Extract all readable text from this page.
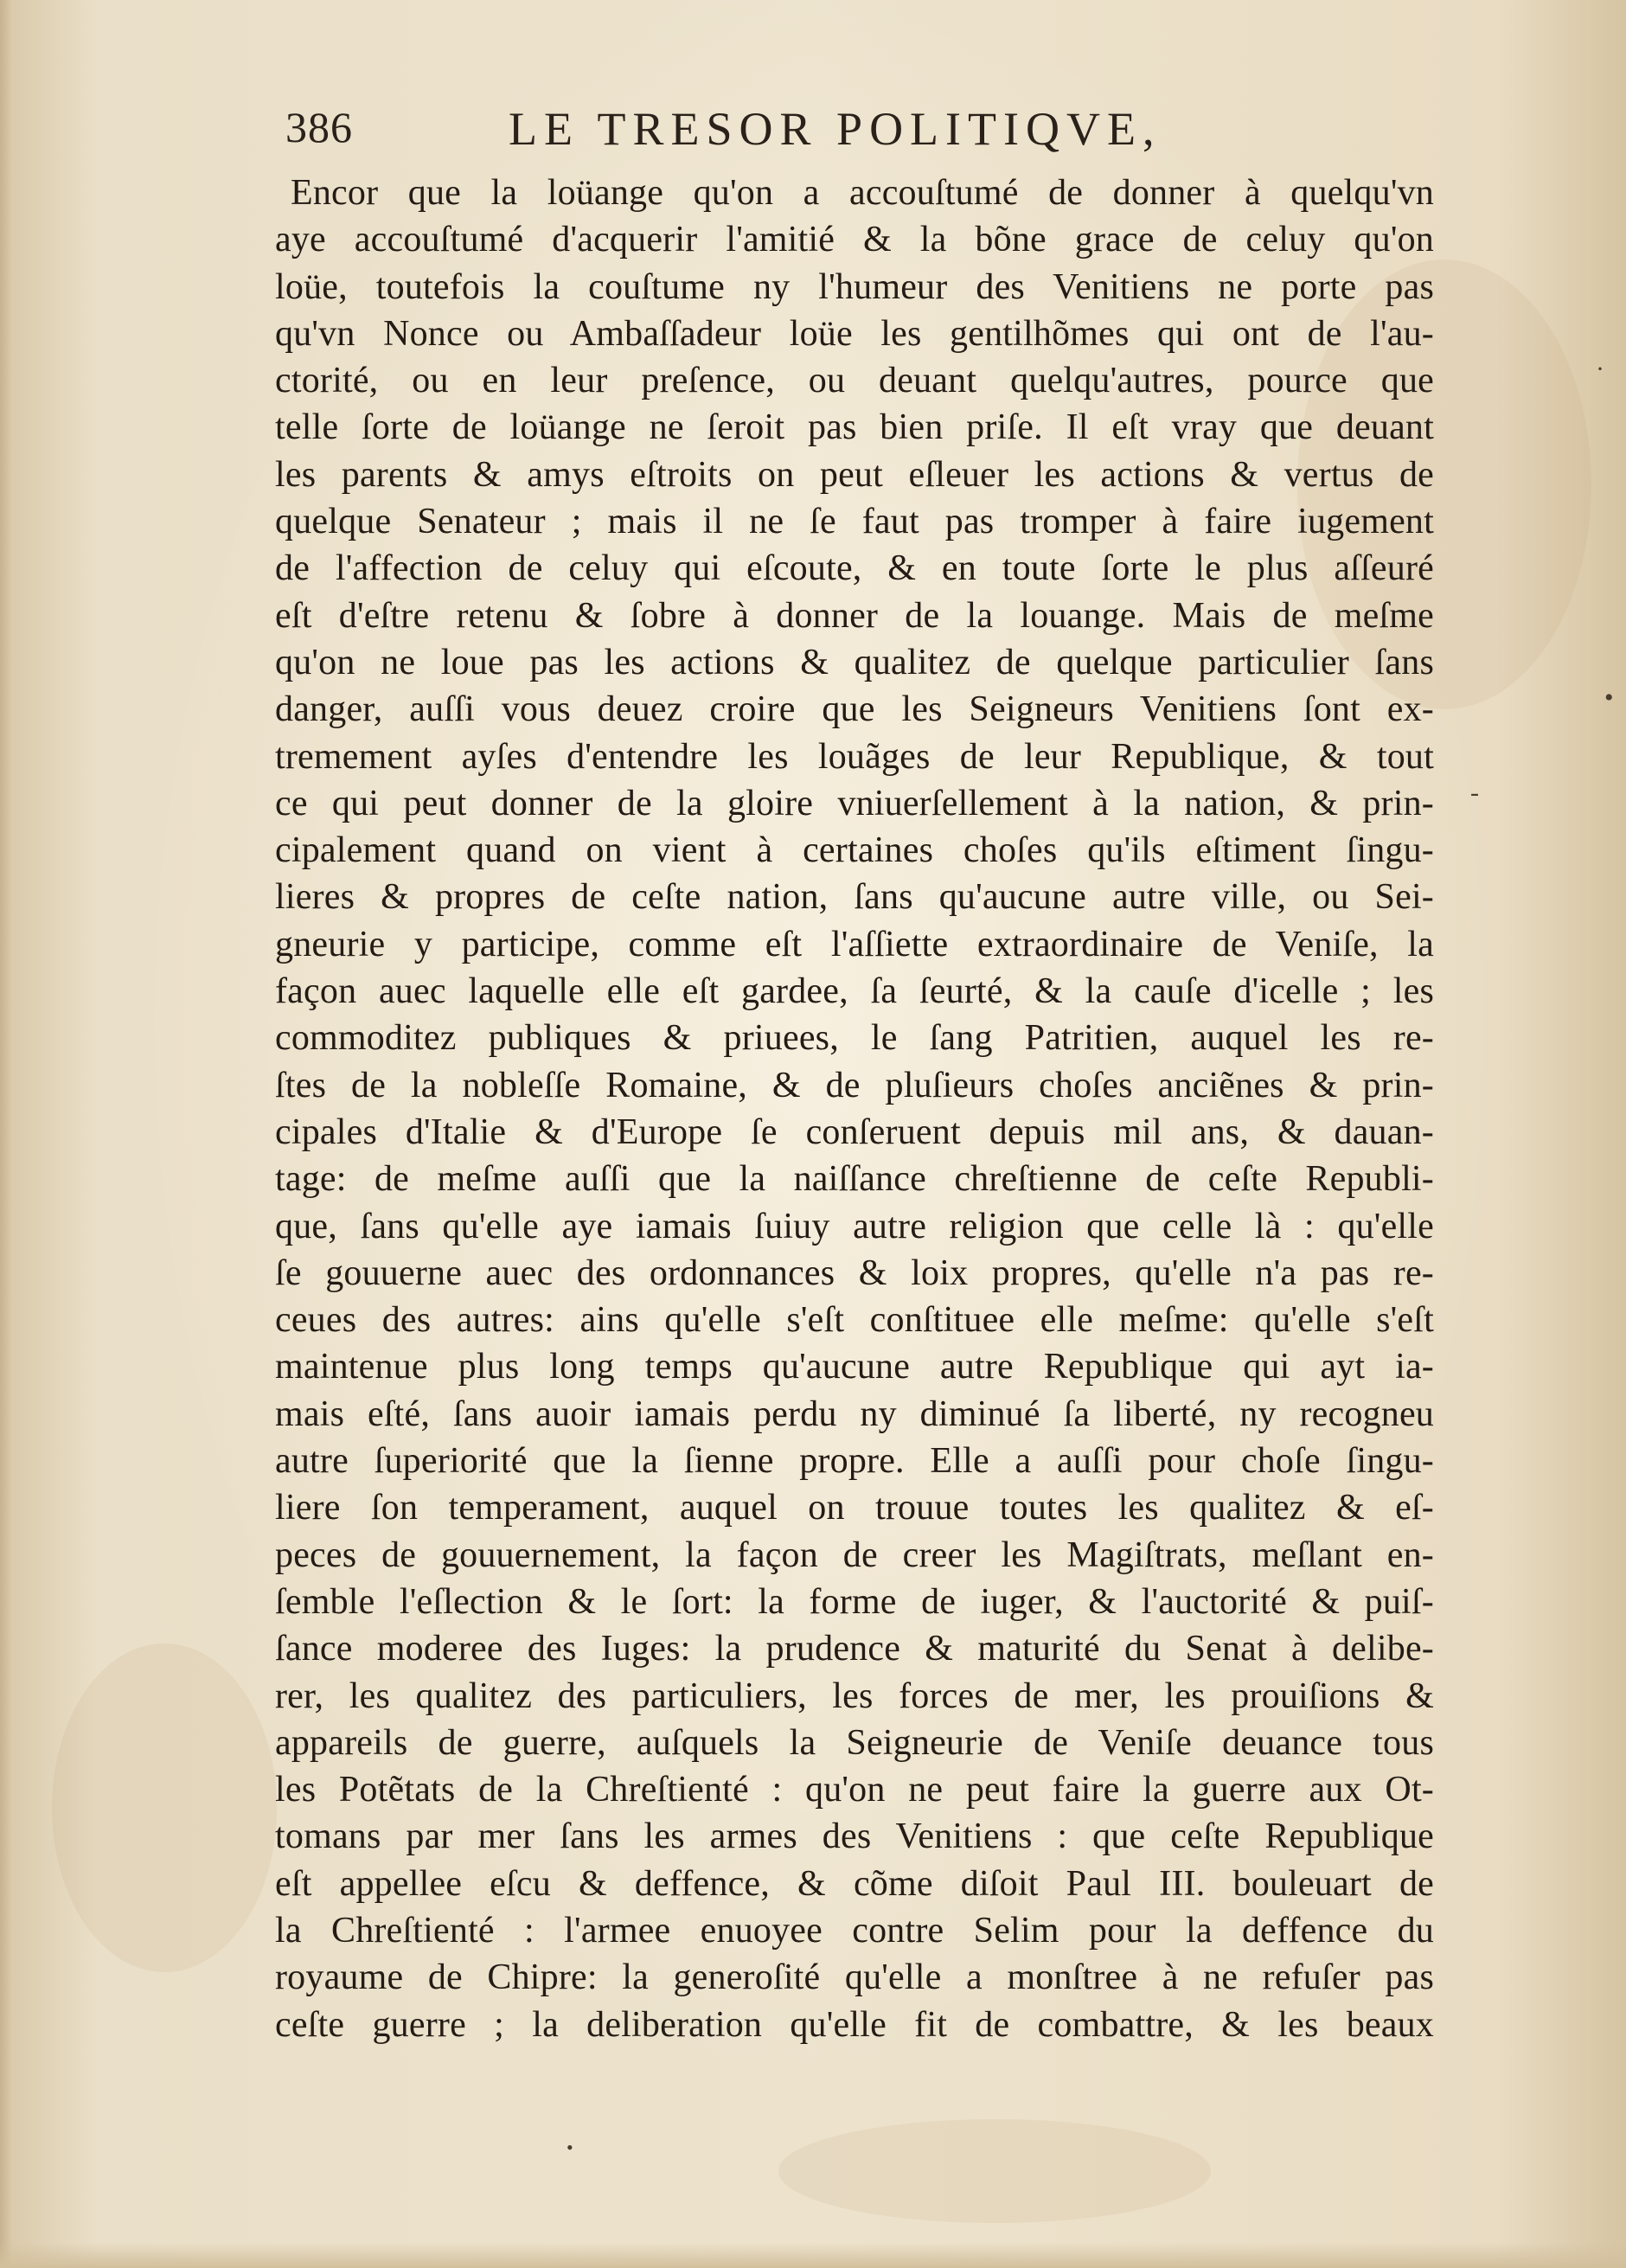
386	LE TRESOR POLITIQVE,
Encor que la loüange qu'on a accouſtumé de donner à quelqu'vn
aye accouſtumé d'acquerir l'amitié & la bõne grace de celuy qu'on
loüe, toutefois la couſtume ny l'humeur des Venitiens ne porte pas
qu'vn Nonce ou Ambaſſadeur loüe les gentilhõmes qui ont de l'au-
ctorité, ou en leur preſence, ou deuant quelqu'autres, pource que
telle ſorte de loüange ne ſeroit pas bien priſe. Il eſt vray que deuant
les parents & amys eſtroits on peut eſleuer les actions & vertus de
quelque Senateur ; mais il ne ſe faut pas tromper à faire iugement
de l'affection de celuy qui eſcoute, & en toute ſorte le plus aſſeuré
eſt d'eſtre retenu & ſobre à donner de la louange. Mais de meſme
qu'on ne loue pas les actions & qualitez de quelque particulier ſans
danger, auſſi vous deuez croire que les Seigneurs Venitiens ſont ex-
tremement ayſes d'entendre les louãges de leur Republique, & tout
ce qui peut donner de la gloire vniuerſellement à la nation, & prin-
cipalement quand on vient à certaines choſes qu'ils eſtiment ſingu-
lieres & propres de ceſte nation, ſans qu'aucune autre ville, ou Sei-
gneurie y participe, comme eſt l'aſſiette extraordinaire de Veniſe, la
façon auec laquelle elle eſt gardee, ſa ſeurté, & la cauſe d'icelle ; les
commoditez publiques & priuees, le ſang Patritien, auquel les re-
ſtes de la nobleſſe Romaine, & de pluſieurs choſes anciẽnes & prin-
cipales d'Italie & d'Europe ſe conſeruent depuis mil ans, & dauan-
tage: de meſme auſſi que la naiſſance chreſtienne de ceſte Republi-
que, ſans qu'elle aye iamais ſuiuy autre religion que celle là : qu'elle
ſe gouuerne auec des ordonnances & loix propres, qu'elle n'a pas re-
ceues des autres: ains qu'elle s'eſt conſtituee elle meſme: qu'elle s'eſt
maintenue plus long temps qu'aucune autre Republique qui ayt ia-
mais eſté, ſans auoir iamais perdu ny diminué ſa liberté, ny recogneu
autre ſuperiorité que la ſienne propre. Elle a auſſi pour choſe ſingu-
liere ſon temperament, auquel on trouue toutes les qualitez & eſ-
peces de gouuernement, la façon de creer les Magiſtrats, meſlant en-
ſemble l'eſlection & le ſort: la forme de iuger, & l'auctorité & puiſ-
ſance moderee des Iuges: la prudence & maturité du Senat à delibe-
rer, les qualitez des particuliers, les forces de mer, les prouiſions &
appareils de guerre, auſquels la Seigneurie de Veniſe deuance tous
les Potẽtats de la Chreſtienté : qu'on ne peut faire la guerre aux Ot-
tomans par mer ſans les armes des Venitiens : que ceſte Republique
eſt appellee eſcu & deffence, & cõme diſoit Paul III. bouleuart de
la Chreſtienté : l'armee enuoyee contre Selim pour la deffence du
royaume de Chipre: la generoſité qu'elle a monſtree à ne refuſer pas
ceſte guerre ; la deliberation qu'elle fit de combattre, & les beaux
·
•
-
•
